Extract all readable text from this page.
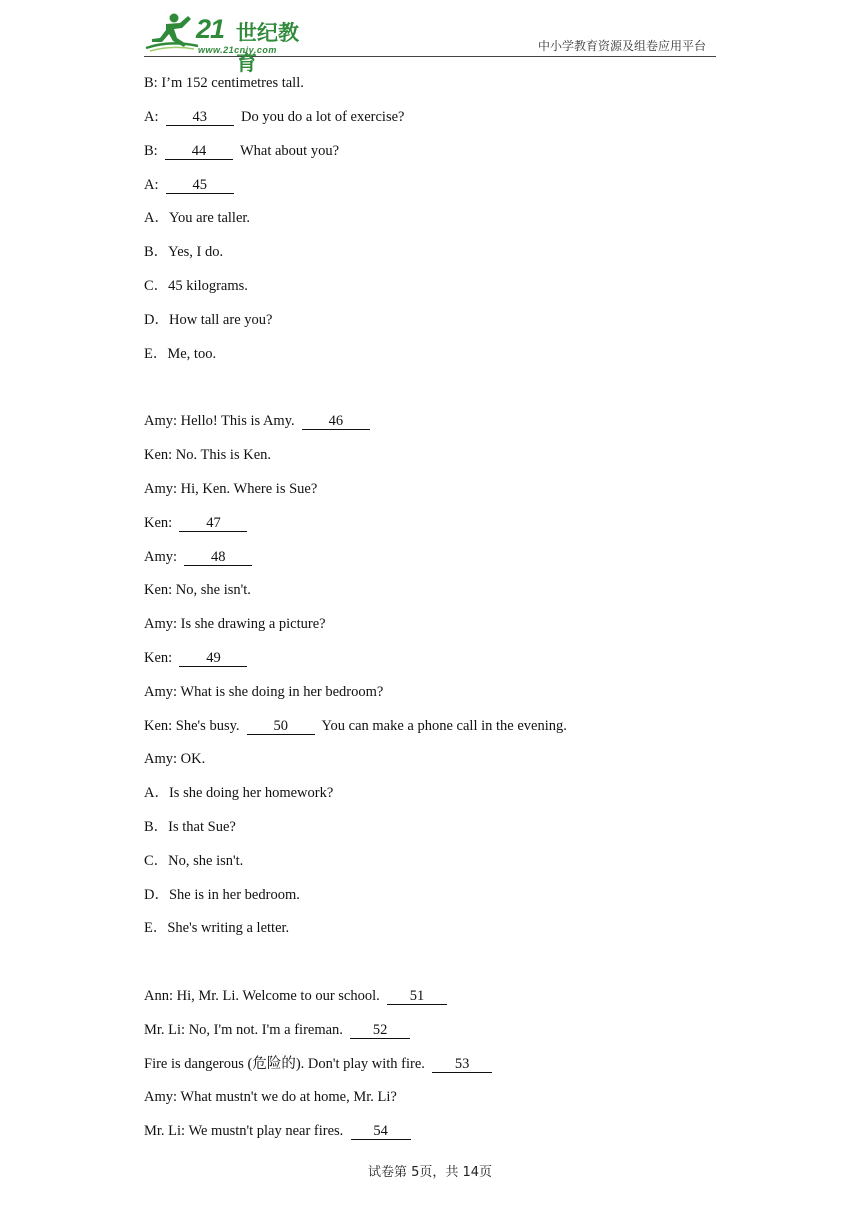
21 世纪教育
www.21cnjy.com	中小学教育资源及组卷应用平台
B: I’m 152 centimetres tall.
A: 43 Do you do a lot of exercise?
B: 44 What about you?
A: 45
A．You are taller.
B．Yes, I do.
C．45 kilograms.
D．How tall are you?
E．Me, too.
Amy: Hello! This is Amy. 46
Ken: No. This is Ken.
Amy: Hi, Ken. Where is Sue?
Ken: 47
Amy: 48
Ken: No, she isn't.
Amy: Is she drawing a picture?
Ken: 49
Amy: What is she doing in her bedroom?
Ken: She's busy. 50 You can make a phone call in the evening.
Amy: OK.
A．Is she doing her homework?
B．Is that Sue?
C．No, she isn't.
D．She is in her bedroom.
E．She's writing a letter.
Ann: Hi, Mr. Li. Welcome to our school. 51
Mr. Li: No, I'm not. I'm a fireman. 52
Fire is dangerous (危险的). Don't play with fire. 53
Amy: What mustn't we do at home, Mr. Li?
Mr. Li: We mustn't play near fires. 54
试卷第 5页，共 14页
